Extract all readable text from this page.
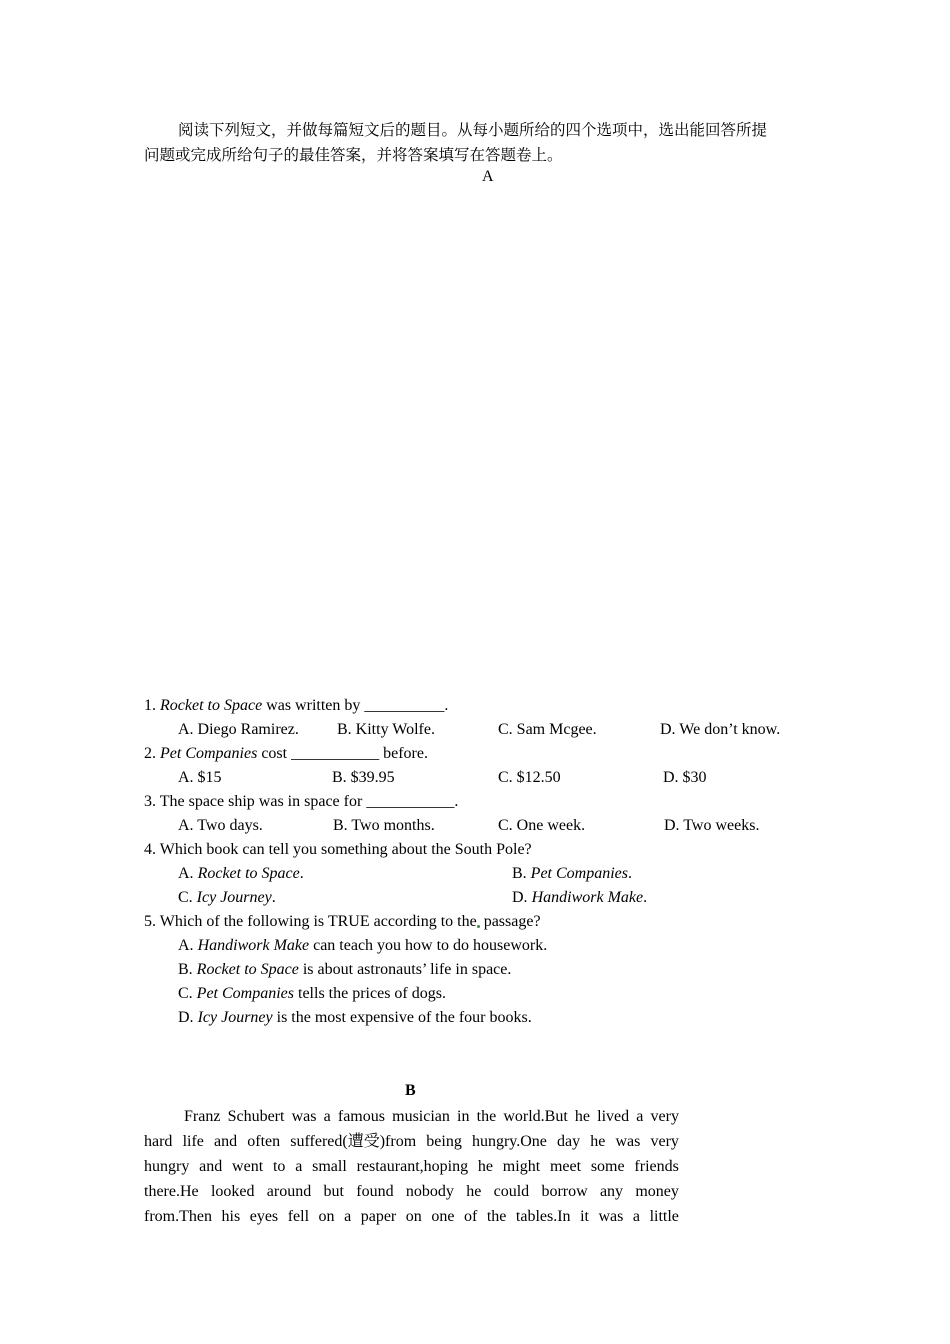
阅读下列短文，并做每篇短文后的题目。从每小题所给的四个选项中，选出能回答所提
问题或完成所给句子的最佳答案，并将答案填写在答题卷上。
A
1. Rocket to Space was written by __________.
A. Diego Ramirez. B. Kitty Wolfe.	C. Sam Mcgee.	D. We don’t know.
2. Pet Companies cost ___________ before.
A. $15	B. $39.95	C. $12.50	D. $30
3. The space ship was in space for ___________.
A. Two days.	B. Two months.	C. One week.	D. Two weeks.
4. Which book can tell you something about the South Pole?
A. Rocket to Space.	B. Pet Companies.
C. Icy Journey.	D. Handiwork Make.
5. Which of the following is TRUE according to the passage?
A. Handiwork Make can teach you how to do housework.
B. Rocket to Space is about astronauts’ life in space.
C. Pet Companies tells the prices of dogs.
D. Icy Journey is the most expensive of the four books.
B
Franz Schubert was a famous musician in the world.But he lived a very
hard life and often suffered(遭受)from being hungry.One day he was very
hungry and went to a small restaurant,hoping he might meet some friends
there.He looked around but found nobody he could borrow any money
from.Then his eyes fell on a paper on one of the tables.In it was a little
